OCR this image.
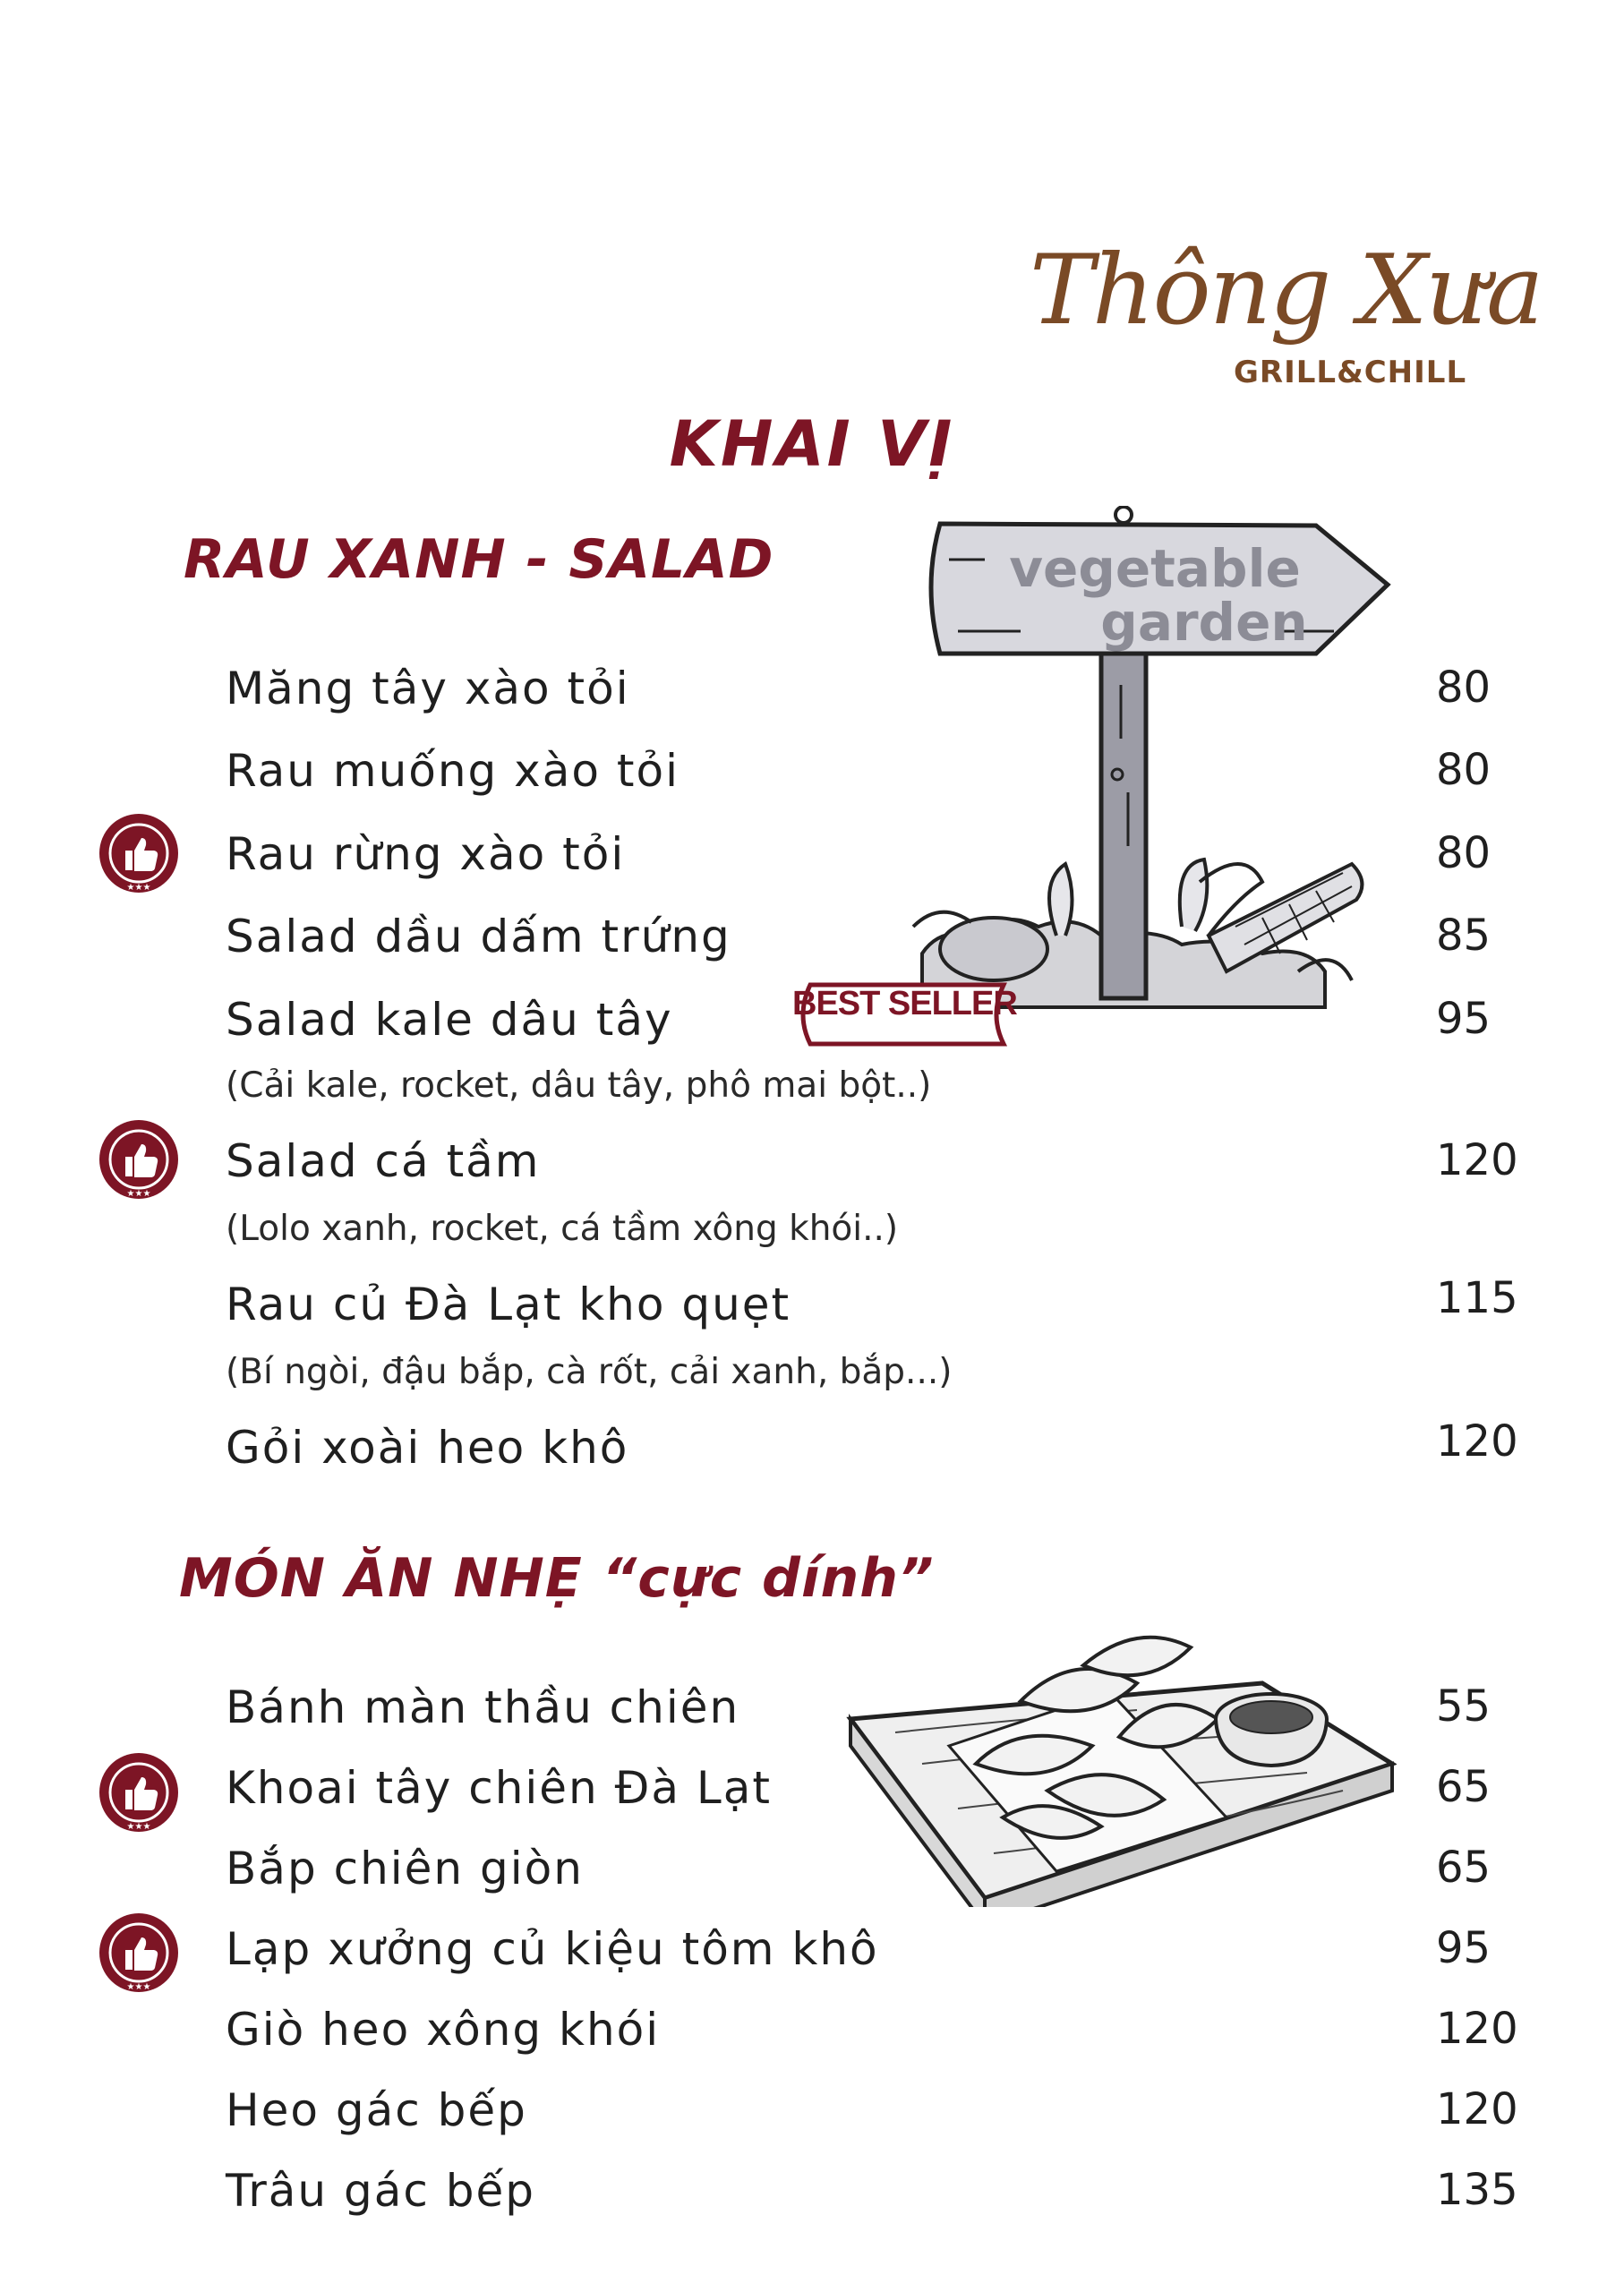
Thông Xưa
GRILL&CHILL
KHAI VỊ
RAU XANH - SALAD	vegetable
garden
BEST SELLER
Măng tây xào tỏi	80
Rau muống xào tỏi	80
★★★
Rau rừng xào tỏi	80
Salad dầu dấm trứng	85
Salad kale dâu tây	95
(Cải kale, rocket, dâu tây, phô mai bột..)
★★★
Salad cá tầm	120
(Lolo xanh, rocket, cá tầm xông khói..)
Rau củ Đà Lạt kho quẹt	115
(Bí ngòi, đậu bắp, cà rốt, cải xanh, bắp...)
Gỏi xoài heo khô	120
MÓN ĂN NHẸ “cực dính”
Bánh màn thầu chiên	55
★★★
Khoai tây chiên Đà Lạt	65
Bắp chiên giòn	65
★★★
Lạp xưởng củ kiệu tôm khô	95
Giò heo xông khói	120
Heo gác bếp	120
Trâu gác bếp	135
